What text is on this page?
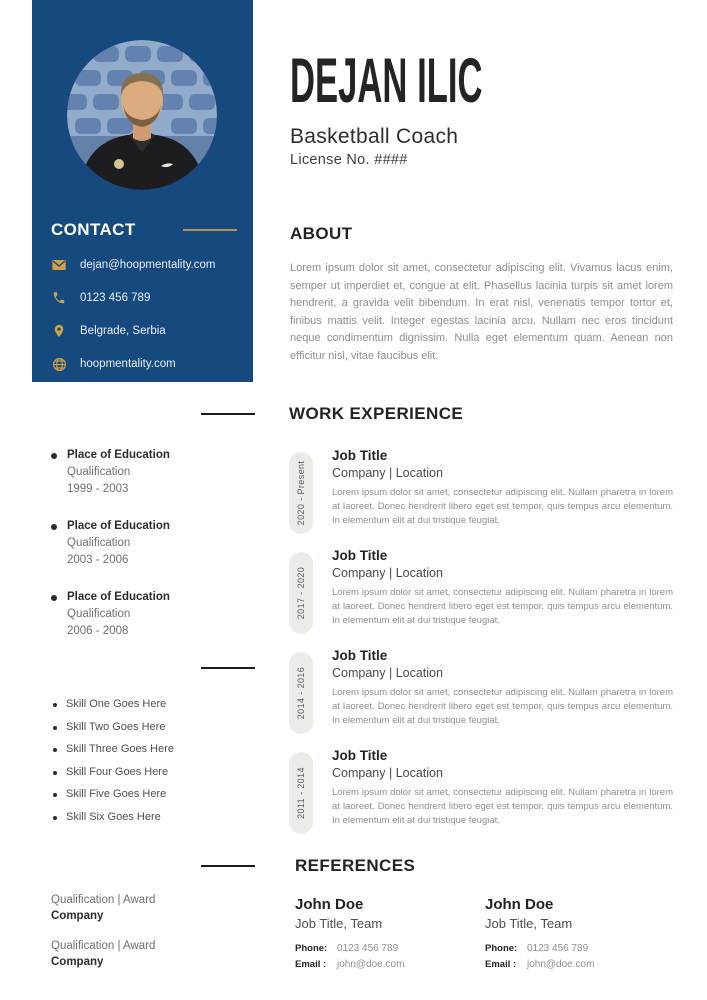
CONTACT
dejan@hoopmentality.com
0123 456 789
Belgrade, Serbia
hoopmentality.com
DEJAN ILIC
Basketball Coach
License No. ####
ABOUT

Lorem ipsum dolor sit amet, consectetur adipiscing elit. Vivamus lacus enim, semper ut imperdiet et, congue at elit. Phasellus lacinia turpis sit amet lorem hendrerit, a gravida velit bibendum. In erat nisl, venenatis tempor tortor et, finibus mattis velit. Integer egestas lacinia arcu. Nullam nec eros tincidunt neque condimentum dignissim. Nulla eget elementum quam. Aenean non efficitur nisl, vitae faucibus elit.

EDUCATION
Place of Education
Qualification
1999 - 2003
Place of Education
Qualification
2003 - 2006
Place of Education
Qualification
2006 - 2008
SKILLS
Skill One Goes Here
Skill Two Goes Here
Skill Three Goes Here
Skill Four Goes Here
Skill Five Goes Here
Skill Six Goes Here
CERTIFICATES
Qualification | Award
Company
Qualification | Award
Company
WORK EXPERIENCE
2020 - Present
Job Title
Company | Location
Lorem ipsum dolor sit amet, consectetur adipiscing elit. Nullam pharetra in lorem at laoreet. Donec hendrerit libero eget est tempor, quis tempus arcu elementum. In elementum elit at dui tristique feugiat.
2017 - 2020
Job Title
Company | Location
Lorem ipsum dolor sit amet, consectetur adipiscing elit. Nullam pharetra in lorem at laoreet. Donec hendrerit libero eget est tempor, quis tempus arcu elementum. In elementum elit at dui tristique feugiat.
2014 - 2016
Job Title
Company | Location
Lorem ipsum dolor sit amet, consectetur adipiscing elit. Nullam pharetra in lorem at laoreet. Donec hendrerit libero eget est tempor, quis tempus arcu elementum. In elementum elit at dui tristique feugiat.
2011 - 2014
Job Title
Company | Location
Lorem ipsum dolor sit amet, consectetur adipiscing elit. Nullam pharetra in lorem at laoreet. Donec hendrerit libero eget est tempor, quis tempus arcu elementum. In elementum elit at dui tristique feugiat.
REFERENCES
John Doe
Job Title, Team
Phone: 0123 456 789
Email : john@doe.com
John Doe
Job Title, Team
Phone: 0123 456 789
Email : john@doe.com
